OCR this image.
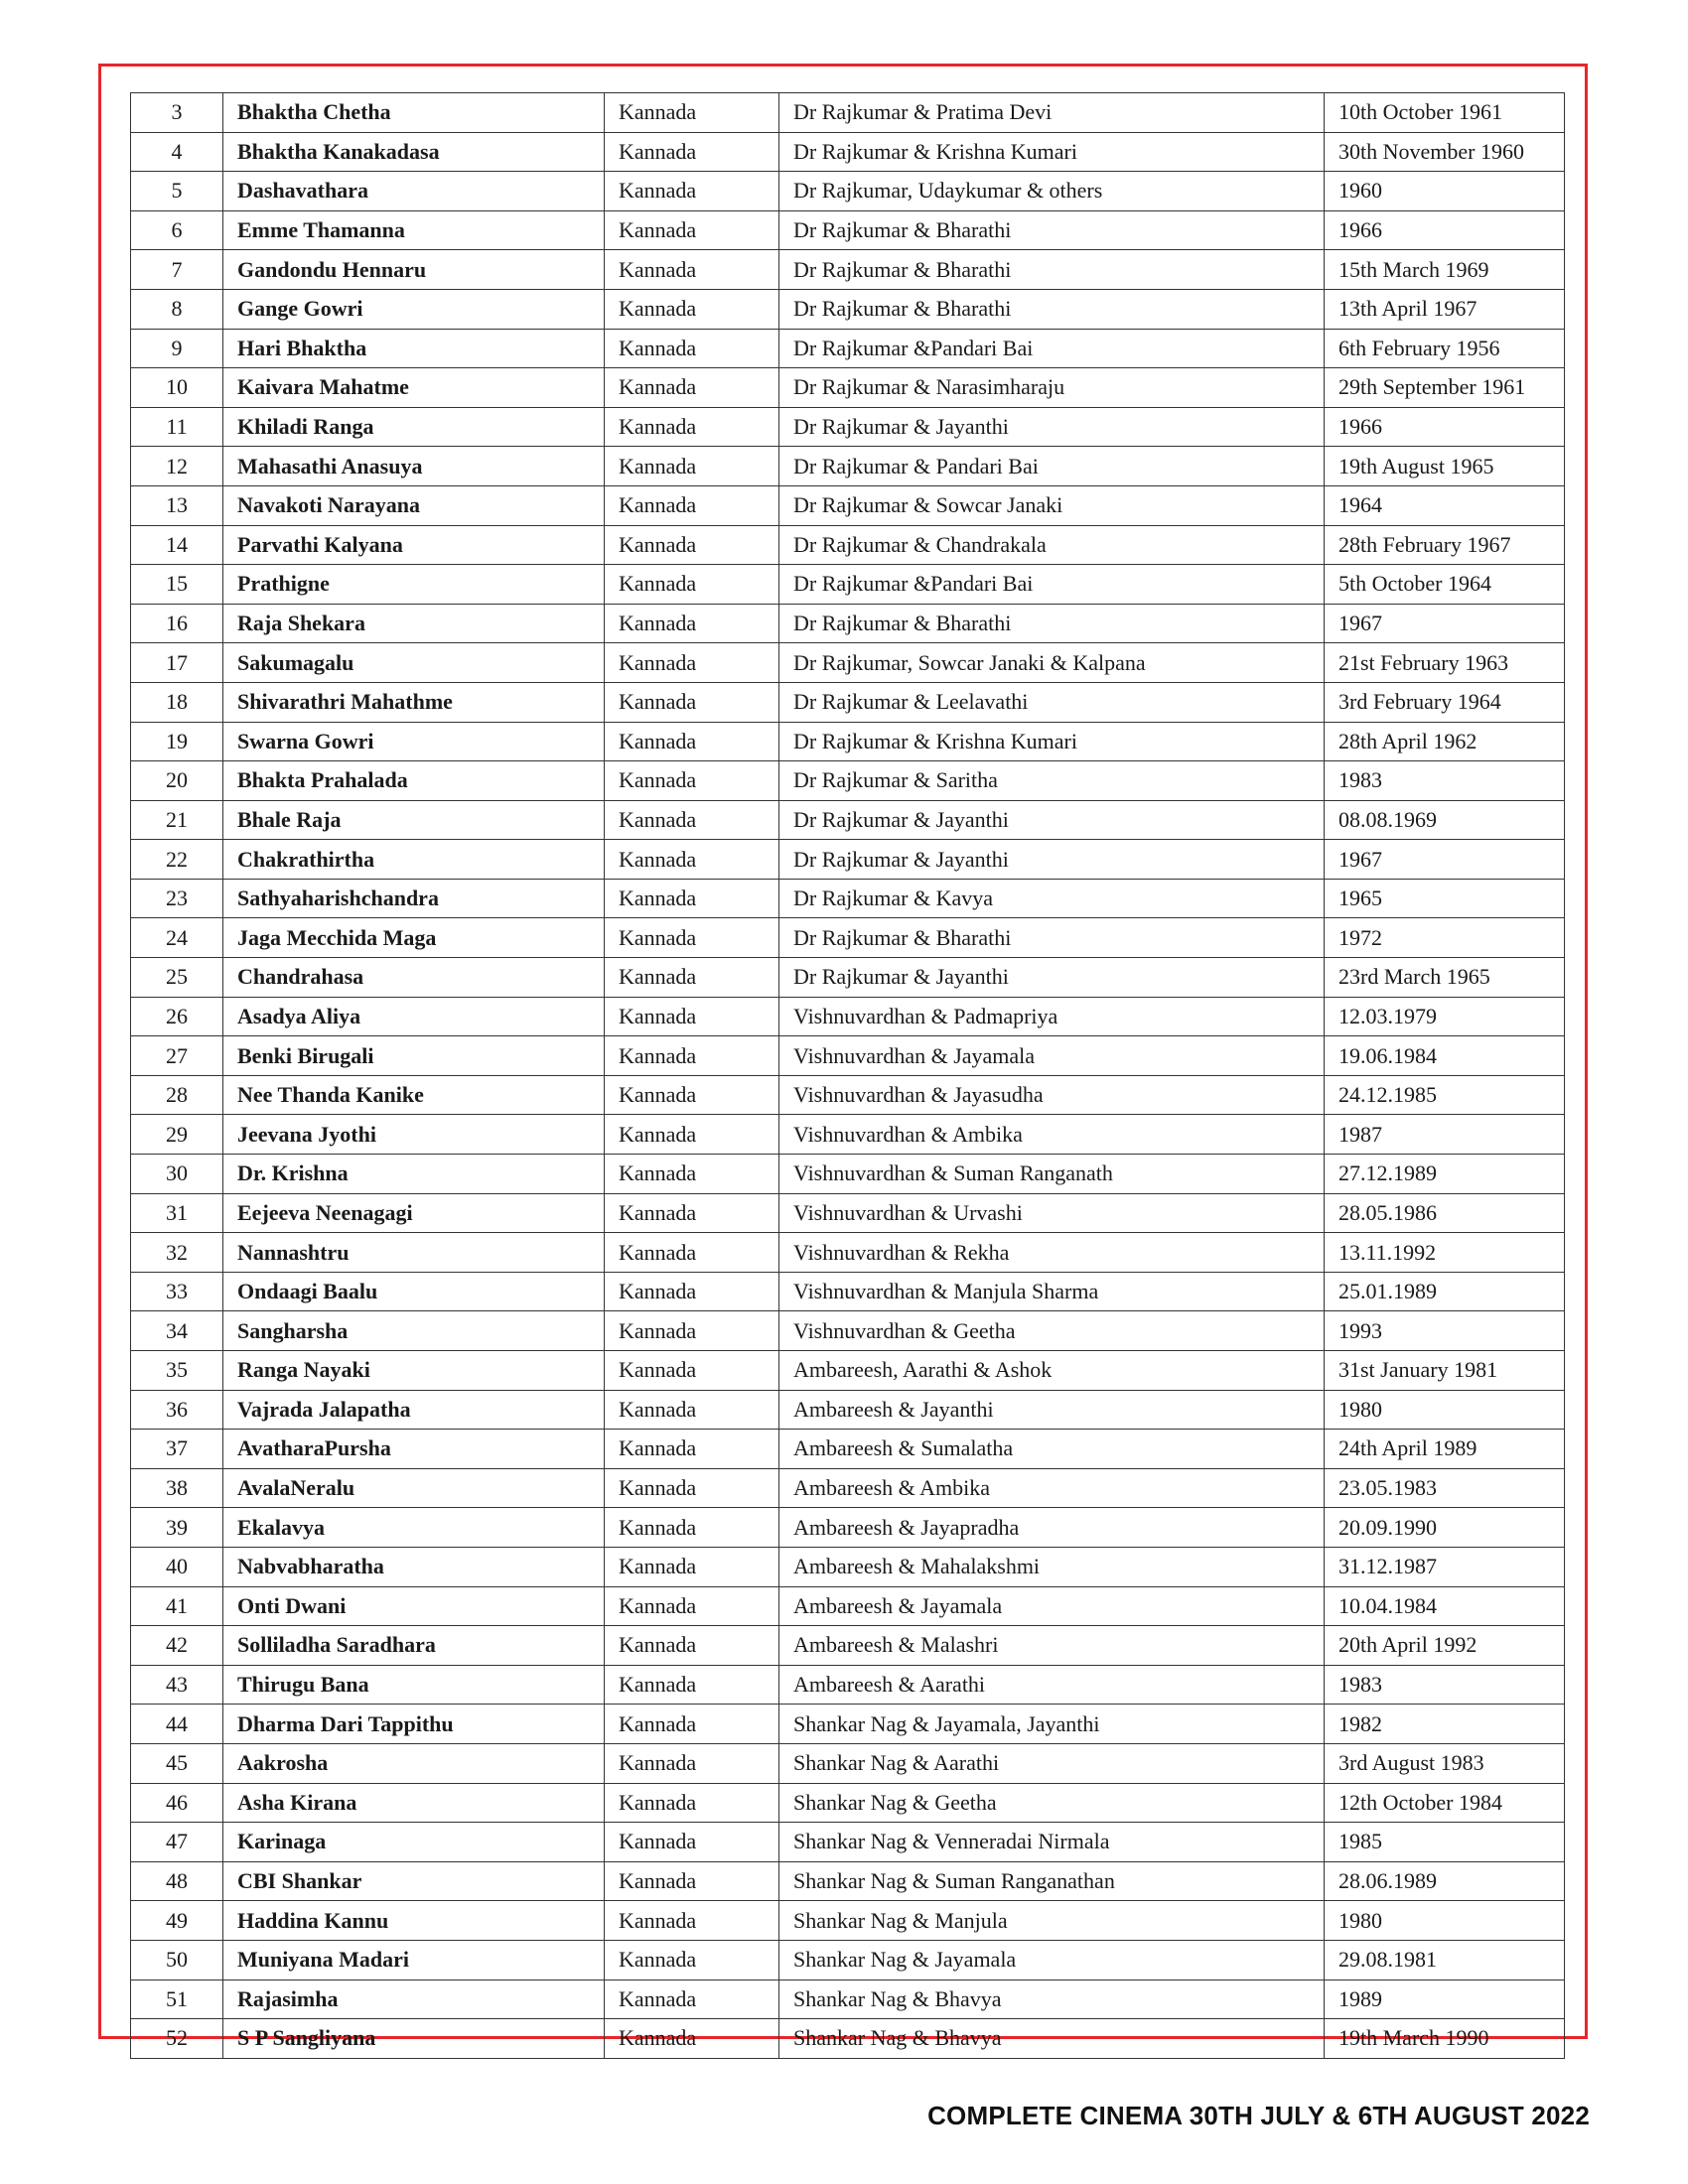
3	Bhaktha Chetha	Kannada	Dr Rajkumar & Pratima Devi	10th October 1961
4	Bhaktha Kanakadasa	Kannada	Dr Rajkumar & Krishna Kumari	30th November 1960
5	Dashavathara	Kannada	Dr Rajkumar, Udaykumar & others	1960
6	Emme Thamanna	Kannada	Dr Rajkumar & Bharathi	1966
7	Gandondu Hennaru	Kannada	Dr Rajkumar & Bharathi	15th March 1969
8	Gange Gowri	Kannada	Dr Rajkumar & Bharathi	13th April 1967
9	Hari Bhaktha	Kannada	Dr Rajkumar &Pandari Bai	6th February 1956
10	Kaivara Mahatme	Kannada	Dr Rajkumar & Narasimharaju	29th September 1961
11	Khiladi Ranga	Kannada	Dr Rajkumar & Jayanthi	1966
12	Mahasathi Anasuya	Kannada	Dr Rajkumar & Pandari Bai	19th August 1965
13	Navakoti Narayana	Kannada	Dr Rajkumar & Sowcar Janaki	1964
14	Parvathi Kalyana	Kannada	Dr Rajkumar & Chandrakala	28th February 1967
15	Prathigne	Kannada	Dr Rajkumar &Pandari Bai	5th October 1964
16	Raja Shekara	Kannada	Dr Rajkumar & Bharathi	1967
17	Sakumagalu	Kannada	Dr Rajkumar, Sowcar Janaki & Kalpana	21st February 1963
18	Shivarathri Mahathme	Kannada	Dr Rajkumar & Leelavathi	3rd February 1964
19	Swarna Gowri	Kannada	Dr Rajkumar & Krishna Kumari	28th April 1962
20	Bhakta Prahalada	Kannada	Dr Rajkumar & Saritha	1983
21	Bhale Raja	Kannada	Dr Rajkumar & Jayanthi	08.08.1969
22	Chakrathirtha	Kannada	Dr Rajkumar & Jayanthi	1967
23	Sathyaharishchandra	Kannada	Dr Rajkumar & Kavya	1965
24	Jaga Mecchida Maga	Kannada	Dr Rajkumar & Bharathi	1972
25	Chandrahasa	Kannada	Dr Rajkumar & Jayanthi	23rd March 1965
26	Asadya Aliya	Kannada	Vishnuvardhan & Padmapriya	12.03.1979
27	Benki Birugali	Kannada	Vishnuvardhan & Jayamala	19.06.1984
28	Nee Thanda Kanike	Kannada	Vishnuvardhan & Jayasudha	24.12.1985
29	Jeevana Jyothi	Kannada	Vishnuvardhan & Ambika	1987
30	Dr. Krishna	Kannada	Vishnuvardhan & Suman Ranganath	27.12.1989
31	Eejeeva Neenagagi	Kannada	Vishnuvardhan & Urvashi	28.05.1986
32	Nannashtru	Kannada	Vishnuvardhan & Rekha	13.11.1992
33	Ondaagi Baalu	Kannada	Vishnuvardhan & Manjula Sharma	25.01.1989
34	Sangharsha	Kannada	Vishnuvardhan & Geetha	1993
35	Ranga Nayaki	Kannada	Ambareesh, Aarathi & Ashok	31st January 1981
36	Vajrada Jalapatha	Kannada	Ambareesh & Jayanthi	1980
37	AvatharaPursha	Kannada	Ambareesh & Sumalatha	24th April 1989
38	AvalaNeralu	Kannada	Ambareesh & Ambika	23.05.1983
39	Ekalavya	Kannada	Ambareesh & Jayapradha	20.09.1990
40	Nabvabharatha	Kannada	Ambareesh & Mahalakshmi	31.12.1987
41	Onti Dwani	Kannada	Ambareesh & Jayamala	10.04.1984
42	Solliladha Saradhara	Kannada	Ambareesh & Malashri	20th April 1992
43	Thirugu Bana	Kannada	Ambareesh & Aarathi	1983
44	Dharma Dari Tappithu	Kannada	Shankar Nag & Jayamala, Jayanthi	1982
45	Aakrosha	Kannada	Shankar Nag & Aarathi	3rd August 1983
46	Asha Kirana	Kannada	Shankar Nag & Geetha	12th October 1984
47	Karinaga	Kannada	Shankar Nag & Venneradai Nirmala	1985
48	CBI Shankar	Kannada	Shankar Nag & Suman Ranganathan	28.06.1989
49	Haddina Kannu	Kannada	Shankar Nag & Manjula	1980
50	Muniyana Madari	Kannada	Shankar Nag & Jayamala	29.08.1981
51	Rajasimha	Kannada	Shankar Nag & Bhavya	1989
52	S P Sangliyana	Kannada	Shankar Nag & Bhavya	19th March 1990
COMPLETE CINEMA 30TH JULY & 6TH AUGUST 2022
